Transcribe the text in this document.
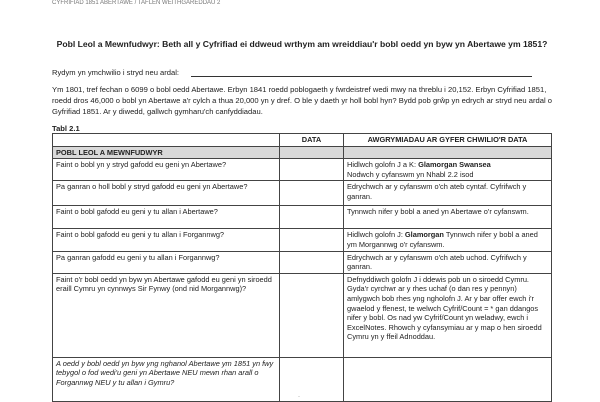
CYFRIFIAD 1851 ABERTAWE / TAFLEN WEITHGAREDDAU 2
Pobl Leol a Mewnfudwyr: Beth all y Cyfrifiad ei ddweud wrthym am wreiddiau'r bobl oedd yn byw yn Abertawe ym 1851?
Rydym yn ymchwilio i stryd neu ardal:
Ym 1801, tref fechan o 6099 o bobl oedd Abertawe. Erbyn 1841 roedd poblogaeth y fwrdeistref wedi mwy na threblu i 20,152. Erbyn Cyfrifiad 1851, roedd dros 46,000 o bobl yn Abertawe a'r cylch a thua 20,000 yn y dref. O ble y daeth yr holl bobl hyn? Bydd pob grŵp yn edrych ar stryd neu ardal o Gyfrifiad 1851. Ar y diwedd, gallwch gymharu'ch canfyddiadau.
Tabl 2.1
	DATA	AWGRYMIADAU AR GYFER CHWILIO'R DATA
POBL LEOL A MEWNFUDWYR		
Faint o bobl yn y stryd gafodd eu geni yn Abertawe?		Hidlwch golofn J a K: Glamorgan Swansea
Nodwch y cyfanswm yn Nhabl 2.2 isod
Pa ganran o holl bobl y stryd gafodd eu geni yn Abertawe?		Edrychwch ar y cyfanswm o'ch ateb cyntaf. Cyfrifwch y ganran.
Faint o bobl gafodd eu geni y tu allan i Abertawe?		Tynnwch nifer y bobl a aned yn Abertawe o'r cyfanswm.
Faint o bobl gafodd eu geni y tu allan i Forgannwg?		Hidlwch golofn J: Glamorgan Tynnwch nifer y bobl a aned ym Morgannwg o'r cyfanswm.
Pa ganran gafodd eu geni y tu allan i Forgannwg?		Edrychwch ar y cyfanswm o'ch ateb uchod. Cyfrifwch y ganran.
Faint o'r bobl oedd yn byw yn Abertawe gafodd eu geni yn siroedd eraill Cymru yn cynnwys Sir Fynwy (ond nid Morgannwg)?		Defnyddiwch golofn J i ddewis pob un o siroedd Cymru. Gyda'r cyrchwr ar y rhes uchaf (o dan res y pennyn) amlygwch bob rhes yng ngholofn J. Ar y bar offer ewch i'r gwaelod y ffenest, te welwch Cyfrif/Count = * gan ddangos nifer y bobl. Os nad yw Cyfrif/Count yn weladwy, ewch i ExcelNotes. Rhowch y cyfansymiau ar y map o hen siroedd Cymru yn y ffeil Adnoddau.
A oedd y bobl oedd yn byw yng nghanol Abertawe ym 1851 yn fwy tebygol o fod wedi'u geni yn Abertawe NEU mewn rhan arall o Forgannwg NEU y tu allan i Gymru?		
·
